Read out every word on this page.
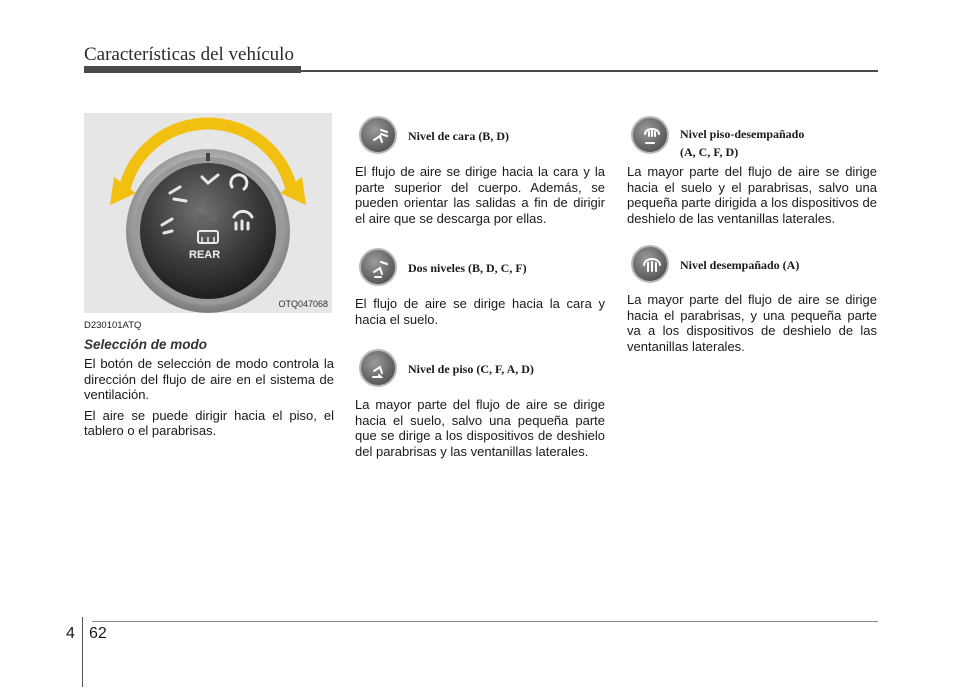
Características del vehículo
REAR
OTQ047068

D230101ATQ

Selección de modo

El botón de selección de modo controla la dirección del flujo de aire en el sistema de ventilación.

El aire se puede dirigir hacia el piso, el tablero o el parabrisas.

Nivel de cara (B, D)

El flujo de aire se dirige hacia la cara y la parte superior del cuerpo. Además, se pueden orientar las salidas a fin de dirigir el aire que se descarga por ellas.

Dos niveles (B, D, C, F)

El flujo de aire se dirige hacia la cara y hacia el suelo.

Nivel de piso (C, F, A, D)

La mayor parte del flujo de aire se dirige hacia el suelo, salvo una pequeña parte que se dirige a los dispositivos de deshielo del parabrisas y las ventanillas laterales.

Nivel piso-desempañado
(A, C, F, D)

La mayor parte del flujo de aire se dirige hacia el suelo y el parabrisas, salvo una pequeña parte dirigida a los dispositivos de deshielo de las ventanillas laterales.

Nivel desempañado (A)

La mayor parte del flujo de aire se dirige hacia el parabrisas, y una pequeña parte va a los dispositivos de deshielo de las ventanillas laterales.

4 62
